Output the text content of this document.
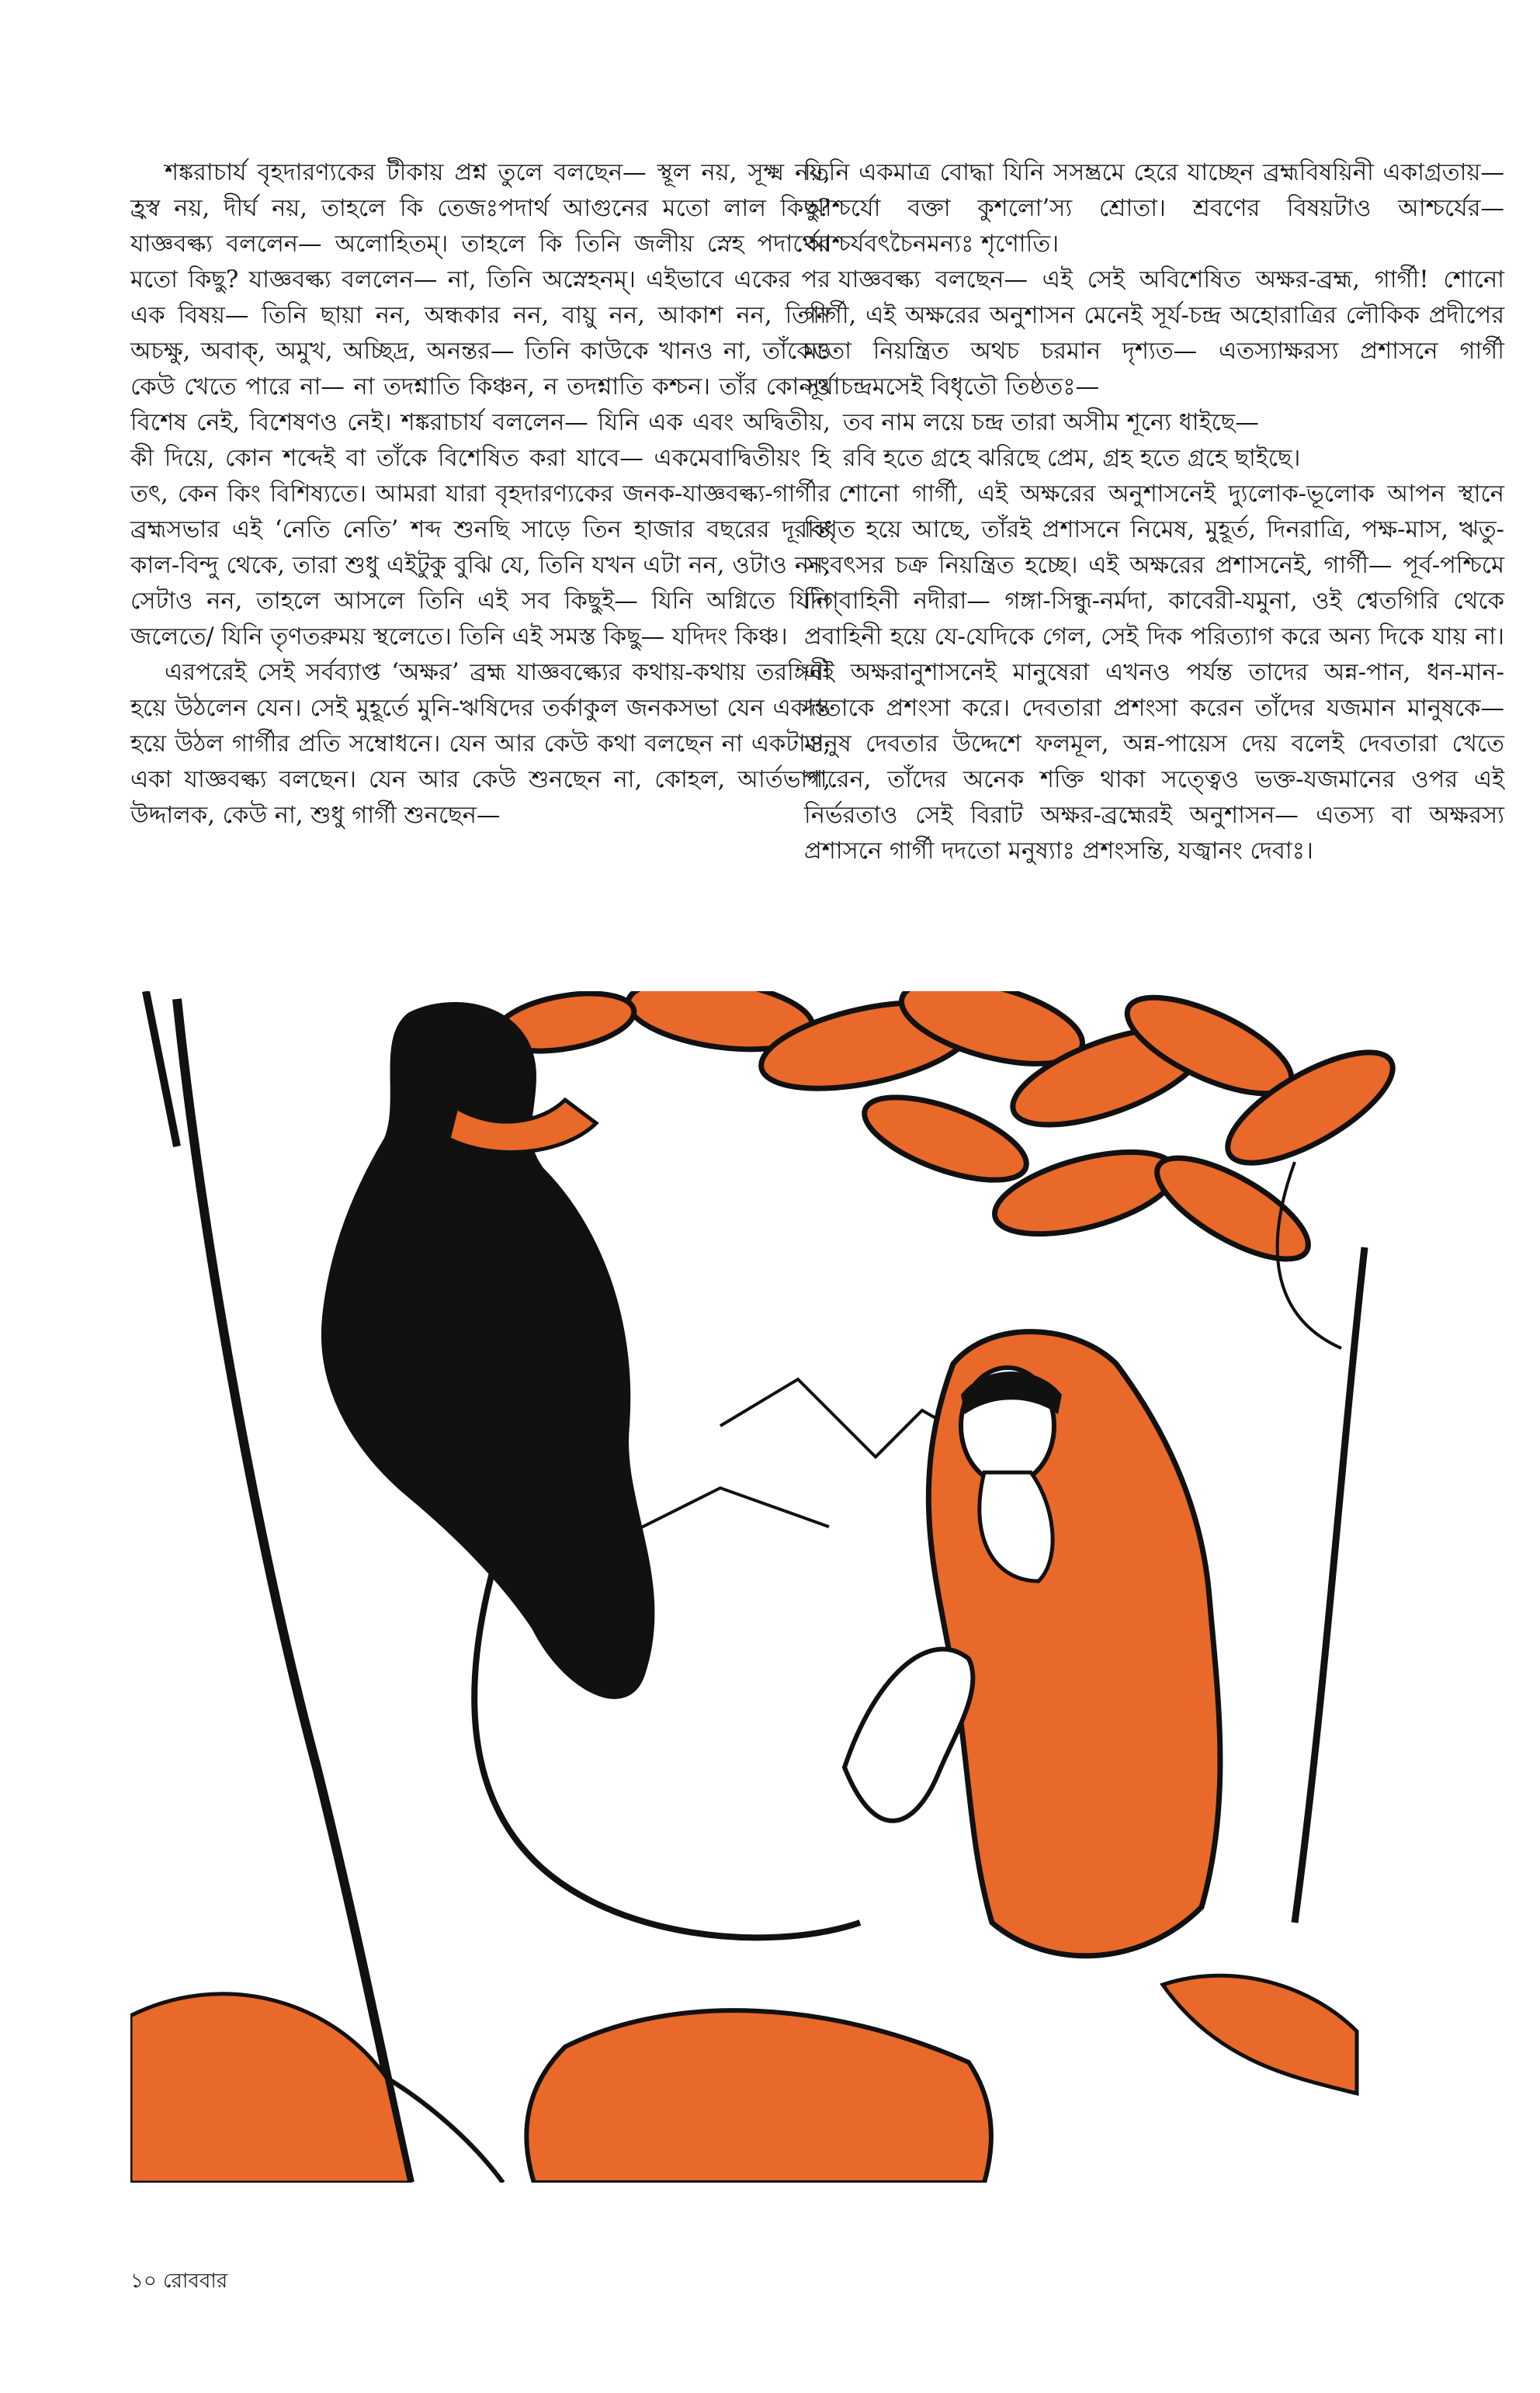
শঙ্করাচার্য বৃহদারণ্যকের টীকায় প্রশ্ন তুলে বলছেন— স্থূল নয়, সূক্ষ্ম নয়, হ্রস্ব নয়, দীর্ঘ নয়, তাহলে কি তেজঃপদার্থ আগুনের মতো লাল কিছু? যাজ্ঞবল্ক্য বললেন— অলোহিতম্। তাহলে কি তিনি জলীয় স্নেহ পদার্থের মতো কিছু? যাজ্ঞবল্ক্য বললেন— না, তিনি অস্নেহনম্। এইভাবে একের পর এক বিষয়— তিনি ছায়া নন, অন্ধকার নন, বায়ু নন, আকাশ নন, তিনি অচক্ষু, অবাক্, অমুখ, অচ্ছিদ্র, অনন্তর— তিনি কাউকে খানও না, তাঁকেও কেউ খেতে পারে না— না তদশ্নাতি কিঞ্চন, ন তদশ্নাতি কশ্চন। তাঁর কোনও বিশেষ নেই, বিশেষণও নেই। শঙ্করাচার্য বললেন— যিনি এক এবং অদ্বিতীয়, কী দিয়ে, কোন শব্দেই বা তাঁকে বিশেষিত করা যাবে— একমেবাদ্বিতীয়ং হি তৎ, কেন কিং বিশিষ্যতে। আমরা যারা বৃহদারণ্যকের জনক-যাজ্ঞবল্ক্য-গার্গীর ব্রহ্মসভার এই ‘নেতি নেতি’ শব্দ শুনছি সাড়ে তিন হাজার বছরের দূরান্ত কাল-বিন্দু থেকে, তারা শুধু এইটুকু বুঝি যে, তিনি যখন এটা নন, ওটাও নন, সেটাও নন, তাহলে আসলে তিনি এই সব কিছুই— যিনি অগ্নিতে যিনি জলেতে/ যিনি তৃণতরুময় স্থলেতে। তিনি এই সমস্ত কিছু— যদিদং কিঞ্চ।

এরপরেই সেই সর্বব্যাপ্ত ‘অক্ষর’ ব্রহ্ম যাজ্ঞবল্ক্যের কথায়-কথায় তরঙ্গিনী হয়ে উঠলেন যেন। সেই মুহূর্তে মুনি-ঋষিদের তর্কাকুল জনকসভা যেন একান্ত হয়ে উঠল গার্গীর প্রতি সম্বোধনে। যেন আর কেউ কথা বলছেন না একটাও, একা যাজ্ঞবল্ক্য বলছেন। যেন আর কেউ শুনছেন না, কোহল, আর্তভাগ, উদ্দালক, কেউ না, শুধু গার্গী শুনছেন—

তিনি একমাত্র বোদ্ধা যিনি সসম্ভ্রমে হেরে যাচ্ছেন ব্রহ্মবিষয়িনী একাগ্রতায়— আশ্চর্যো বক্তা কুশলো’স্য শ্রোতা। শ্রবণের বিষয়টাও আশ্চর্যের— আশ্চর্যবৎচৈনমন্যঃ শৃণোতি।

যাজ্ঞবল্ক্য বলছেন— এই সেই অবিশেষিত অক্ষর-ব্রহ্ম, গার্গী! শোনো গার্গী, এই অক্ষরের অনুশাসন মেনেই সূর্য-চন্দ্র অহোরাত্রির লৌকিক প্রদীপের মতো নিয়ন্ত্রিত অথচ চরমান দৃশ্যত— এতস্যাক্ষরস্য প্রশাসনে গার্গী সূর্যাচন্দ্রমসেই বিধৃতৌ তিষ্ঠতঃ—

তব নাম লয়ে চন্দ্র তারা অসীম শূন্যে ধাইছে—

রবি হতে গ্রহে ঝরিছে প্রেম, গ্রহ হতে গ্রহে ছাইছে।

শোনো গার্গী, এই অক্ষরের অনুশাসনেই দ্যুলোক-ভূলোক আপন স্থানে বিধৃত হয়ে আছে, তাঁরই প্রশাসনে নিমেষ, মুহূর্ত, দিনরাত্রি, পক্ষ-মাস, ঋতু-সংবৎসর চক্র নিয়ন্ত্রিত হচ্ছে। এই অক্ষরের প্রশাসনেই, গার্গী— পূর্ব-পশ্চিমে দিগ্‌বাহিনী নদীরা— গঙ্গা-সিন্ধু-নর্মদা, কাবেরী-যমুনা, ওই শ্বেতগিরি থেকে প্রবাহিনী হয়ে যে-যেদিকে গেল, সেই দিক পরিত্যাগ করে অন্য দিকে যায় না। এই অক্ষরানুশাসনেই মানুষেরা এখনও পর্যন্ত তাদের অন্ন-পান, ধন-মান-দাতাকে প্রশংসা করে। দেবতারা প্রশংসা করেন তাঁদের যজমান মানুষকে— মানুষ দেবতার উদ্দেশে ফলমূল, অন্ন-পায়েস দেয় বলেই দেবতারা খেতে পারেন, তাঁদের অনেক শক্তি থাকা সত্ত্বেও ভক্ত-যজমানের ওপর এই নির্ভরতাও সেই বিরাট অক্ষর-ব্রহ্মেরই অনুশাসন— এতস্য বা অক্ষরস্য প্রশাসনে গার্গী দদতো মনুষ্যাঃ প্রশংসন্তি, যজ্বানং দেবাঃ।

১০ রোববার
